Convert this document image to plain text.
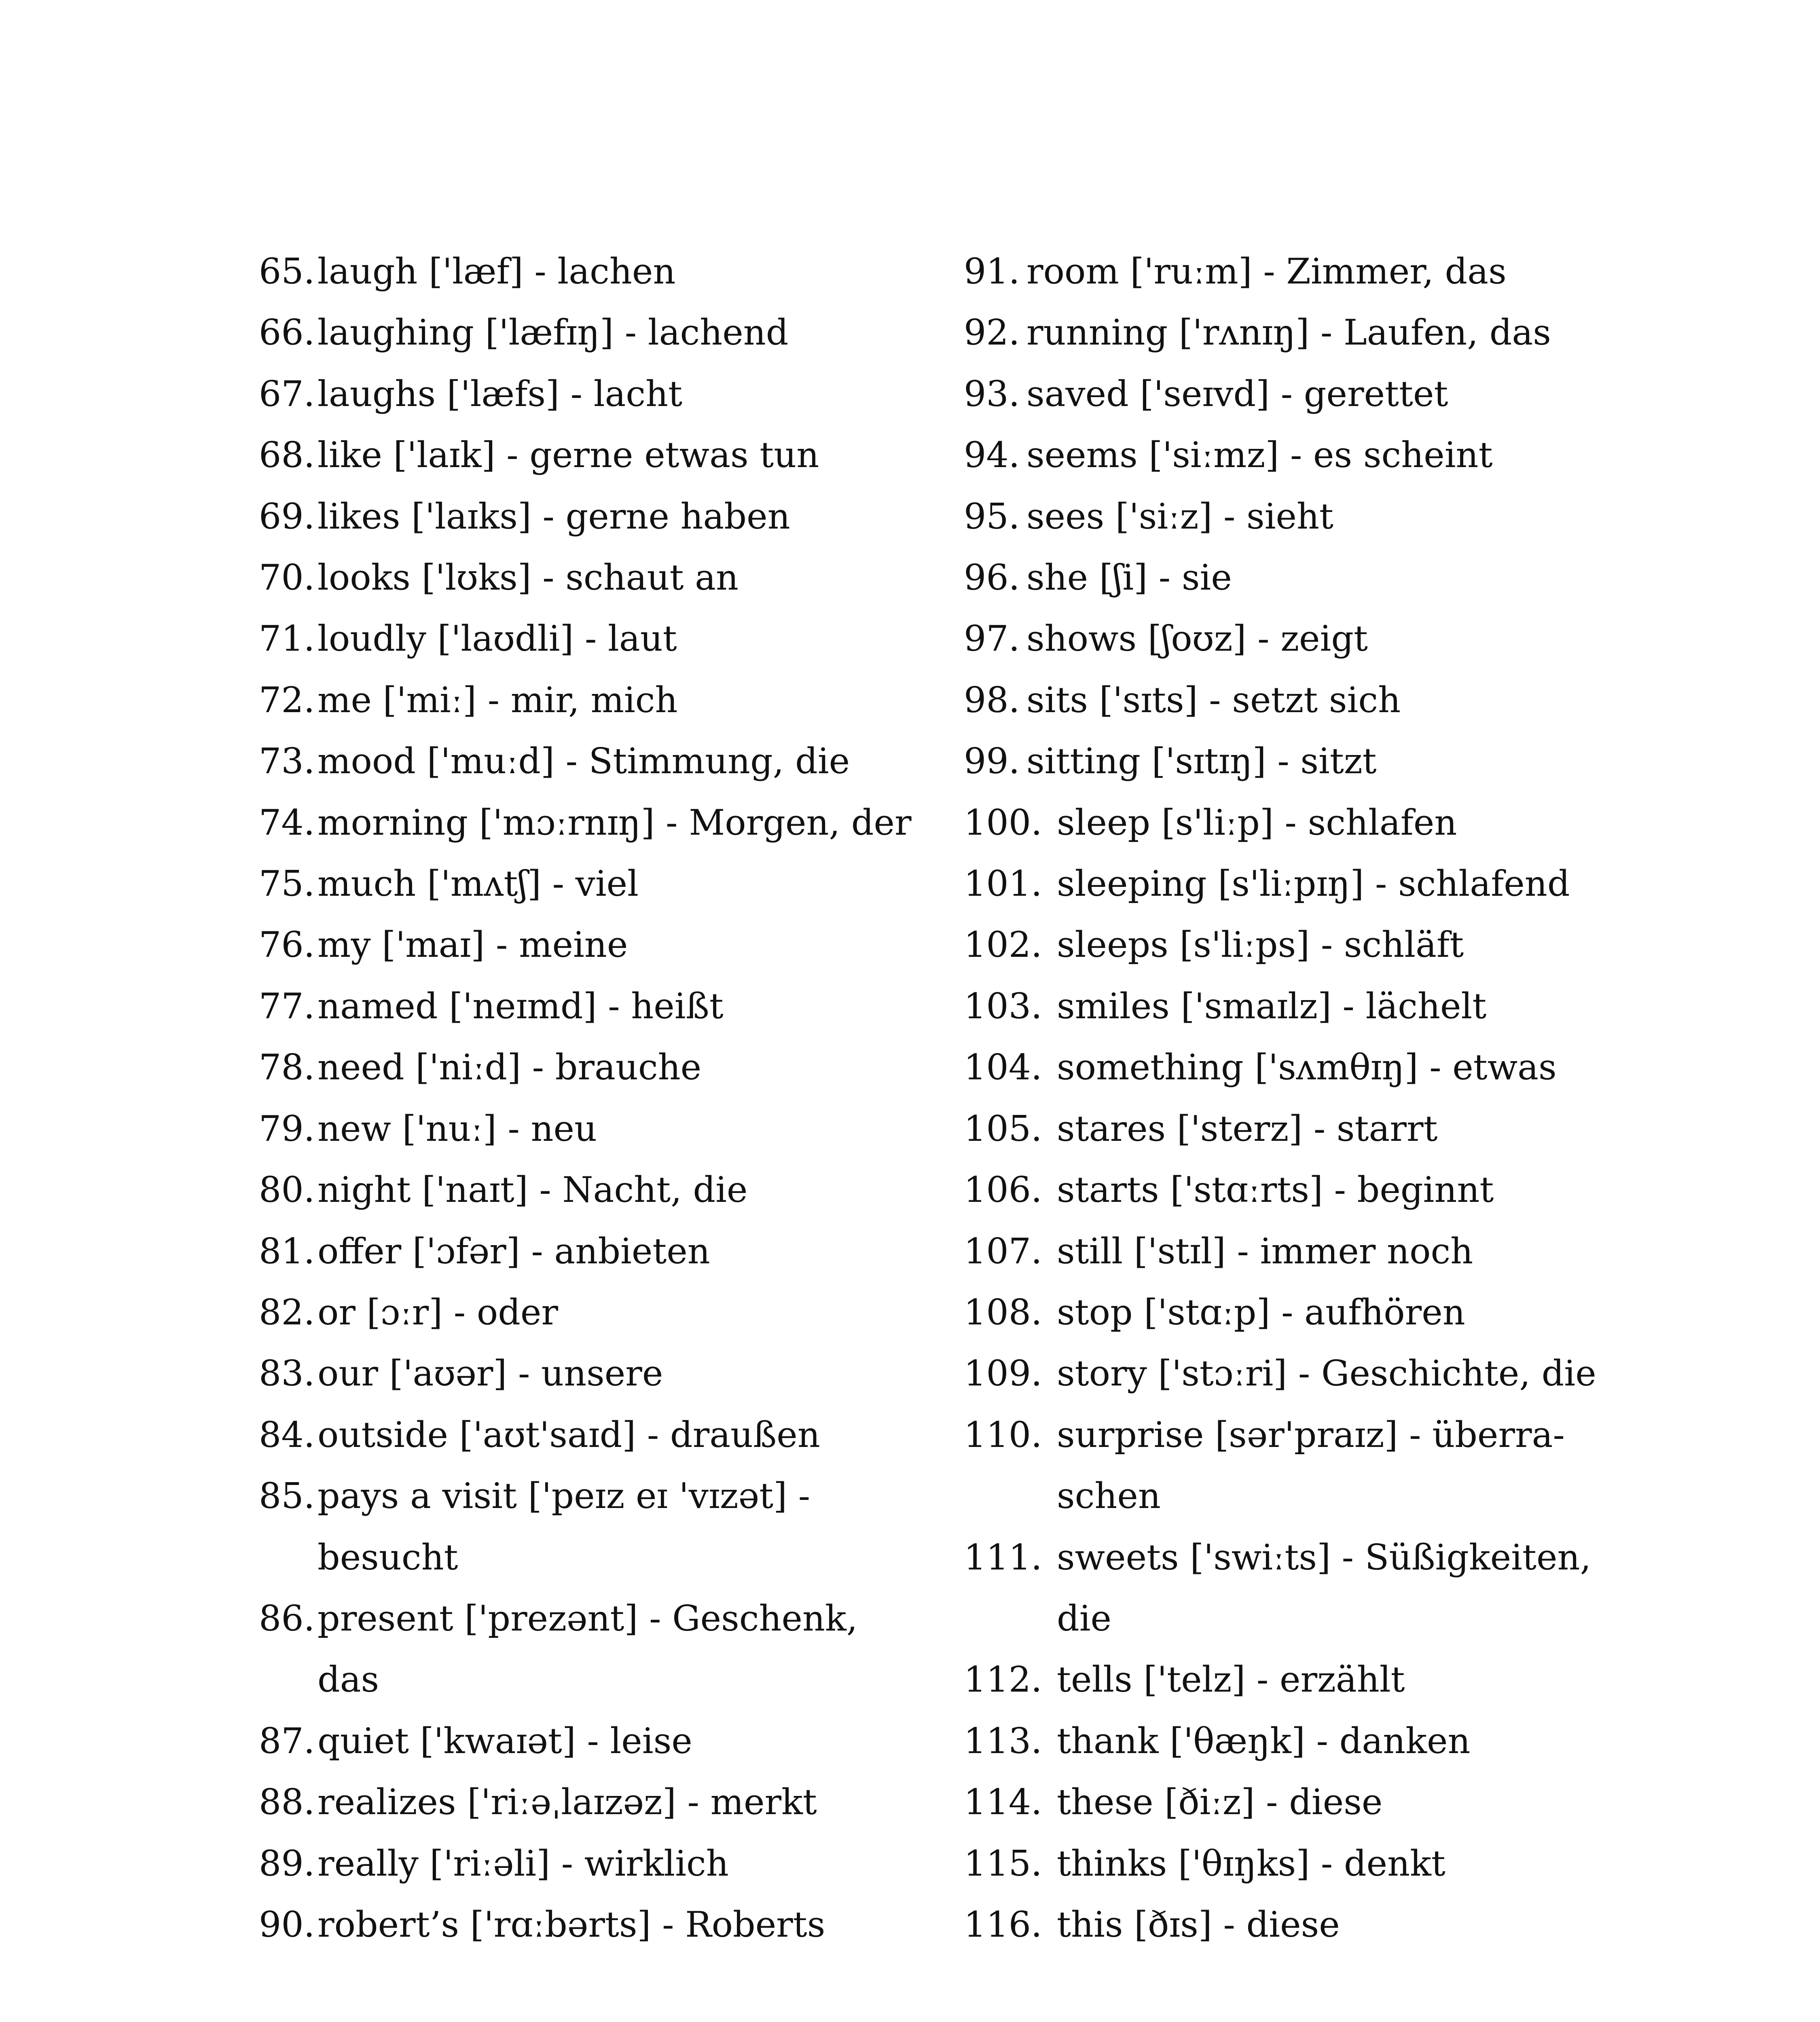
65. laugh ['læf] - lachen
66. laughing ['læfɪŋ] - lachend
67. laughs ['læfs] - lacht
68. like ['laɪk] - gerne etwas tun
69. likes ['laɪks] - gerne haben
70. looks ['lʊks] - schaut an
71. loudly ['laʊdli] - laut
72. me ['miː] - mir, mich
73. mood ['muːd] - Stimmung, die
74. morning ['mɔːrnɪŋ] - Morgen, der
75. much ['mʌtʃ] - viel
76. my ['maɪ] - meine
77. named ['neɪmd] - heißt
78. need ['niːd] - brauche
79. new ['nuː] - neu
80. night ['naɪt] - Nacht, die
81. offer ['ɔfər] - anbieten
82. or [ɔːr] - oder
83. our ['aʊər] - unsere
84. outside ['aʊt'saɪd] - draußen
85. pays a visit ['peɪz eɪ 'vɪzət] - besucht
86. present ['prezənt] - Geschenk, das
87. quiet ['kwaɪət] - leise
88. realizes ['riːəˌlaɪzəz] - merkt
89. really ['riːəli] - wirklich
90. robert’s ['rɑːbərts] - Roberts
91. room ['ruːm] - Zimmer, das
92. running ['rʌnɪŋ] - Laufen, das
93. saved ['seɪvd] - gerettet
94. seems ['siːmz] - es scheint
95. sees ['siːz] - sieht
96. she [ʃi] - sie
97. shows [ʃoʊz] - zeigt
98. sits ['sɪts] - setzt sich
99. sitting ['sɪtɪŋ] - sitzt
100. sleep [s'liːp] - schlafen
101. sleeping [s'liːpɪŋ] - schlafend
102. sleeps [s'liːps] - schläft
103. smiles ['smaɪlz] - lächelt
104. something ['sʌmθɪŋ] - etwas
105. stares ['sterz] - starrt
106. starts ['stɑːrts] - beginnt
107. still ['stɪl] - immer noch
108. stop ['stɑːp] - aufhören
109. story ['stɔːri] - Geschichte, die
110. surprise [sər'praɪz] - überraschen
111. sweets ['swiːts] - Süßigkeiten, die
112. tells ['telz] - erzählt
113. thank ['θæŋk] - danken
114. these [ðiːz] - diese
115. thinks ['θɪŋks] - denkt
116. this [ðɪs] - diese
